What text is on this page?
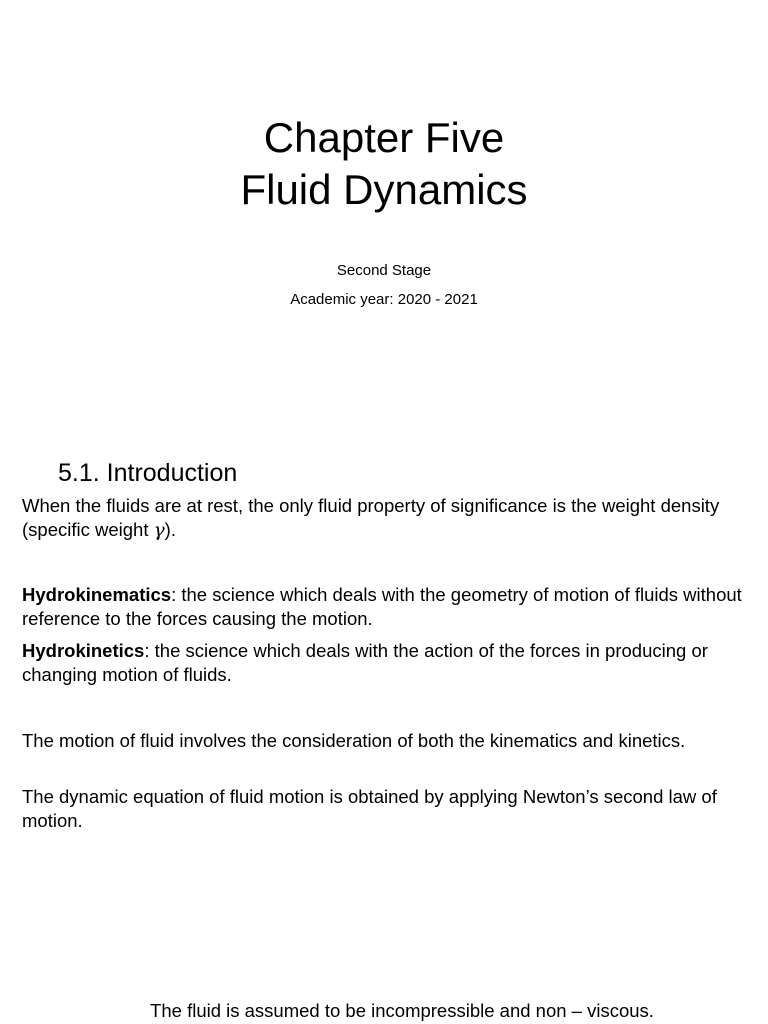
Chapter Five
Fluid Dynamics
Second Stage
Academic year: 2020 - 2021
5.1. Introduction
When the fluids are at rest, the only fluid property of significance is the weight density (specific weight γ).
Hydrokinematics: the science which deals with the geometry of motion of fluids without reference to the forces causing the motion.
Hydrokinetics: the science which deals with the action of the forces in producing or changing motion of fluids.
The motion of fluid involves the consideration of both the kinematics and kinetics.
The dynamic equation of fluid motion is obtained by applying Newton’s second law of motion.
The fluid is assumed to be incompressible and non – viscous.
